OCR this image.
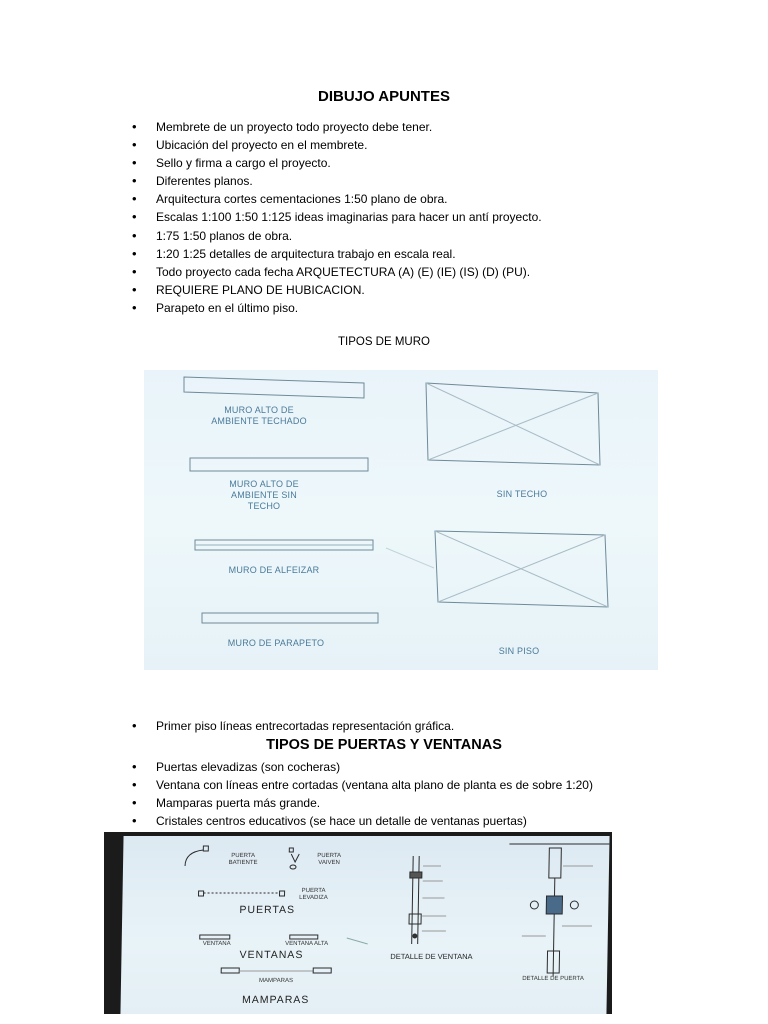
DIBUJO APUNTES
• Membrete de un proyecto todo proyecto debe tener.
• Ubicación del proyecto en el membrete.
• Sello y firma a cargo el proyecto.
• Diferentes planos.
• Arquitectura cortes cementaciones 1:50 plano de obra.
• Escalas 1:100 1:50 1:125 ideas imaginarias para hacer un antí proyecto.
• 1:75 1:50 planos de obra.
• 1:20 1:25 detalles de arquitectura trabajo en escala real.
• Todo proyecto cada fecha ARQUETECTURA (A) (E) (IE) (IS) (D) (PU).
• REQUIERE PLANO DE HUBICACION.
• Parapeto en el último piso.
TIPOS DE MURO
MURO ALTO DE AMBIENTE TECHADO
MURO ALTO DE AMBIENTE SIN TECHO
MURO DE ALFEIZAR
MURO DE PARAPETO
SIN TECHO
SIN PISO
• Primer piso líneas entrecortadas representación gráfica.
TIPOS DE PUERTAS Y VENTANAS
• Puertas elevadizas (son cocheras)
• Ventana con líneas entre cortadas (ventana alta plano de planta es de sobre 1:20)
• Mamparas puerta más grande.
• Cristales centros educativos (se hace un detalle de ventanas puertas)
PUERTA BATIENTE
PUERTA VAIVEN
PUERTA LEVADIZA
PUERTAS
VENTANA	VENTANA ALTA
VENTANAS
MAMPARAS
MAMPARAS
DETALLE DE VENTANA
DETALLE DE PUERTA
